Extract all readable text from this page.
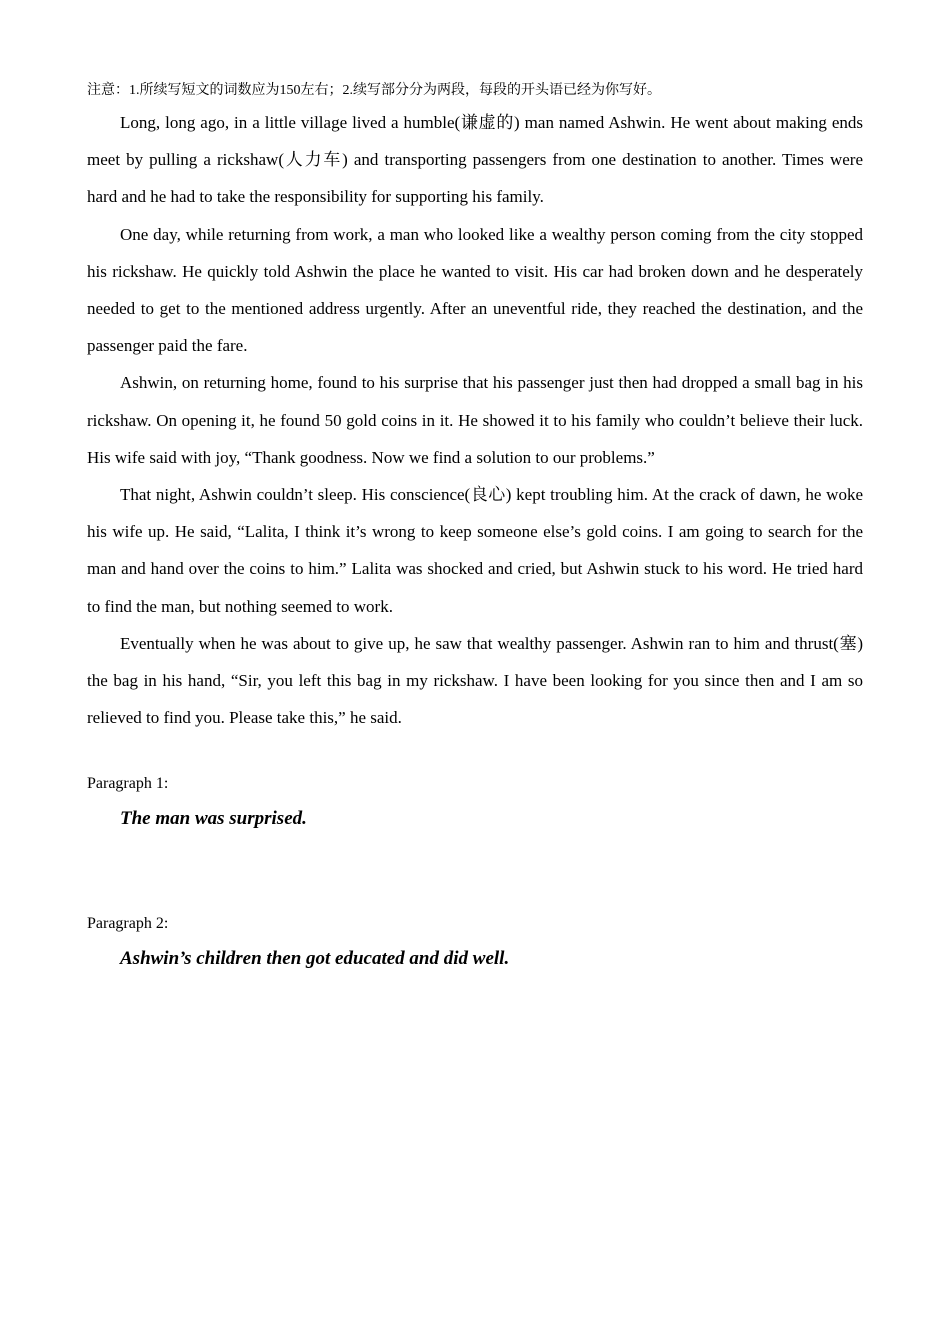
注意：1.所续写短文的词数应为150左右；2.续写部分分为两段，每段的开头语已经为你写好。

Long, long ago, in a little village lived a humble(谦虚的) man named Ashwin. He went about making ends meet by pulling a rickshaw(人力车) and transporting passengers from one destination to another. Times were hard and he had to take the responsibility for supporting his family.

One day, while returning from work, a man who looked like a wealthy person coming from the city stopped his rickshaw. He quickly told Ashwin the place he wanted to visit. His car had broken down and he desperately needed to get to the mentioned address urgently. After an uneventful ride, they reached the destination, and the passenger paid the fare.

Ashwin, on returning home, found to his surprise that his passenger just then had dropped a small bag in his rickshaw. On opening it, he found 50 gold coins in it. He showed it to his family who couldn’t believe their luck. His wife said with joy, “Thank goodness. Now we find a solution to our problems.”

That night, Ashwin couldn’t sleep. His conscience(良心) kept troubling him. At the crack of dawn, he woke his wife up. He said, “Lalita, I think it’s wrong to keep someone else’s gold coins. I am going to search for the man and hand over the coins to him.” Lalita was shocked and cried, but Ashwin stuck to his word. He tried hard to find the man, but nothing seemed to work.

Eventually when he was about to give up, he saw that wealthy passenger. Ashwin ran to him and thrust(塞) the bag in his hand, “Sir, you left this bag in my rickshaw. I have been looking for you since then and I am so relieved to find you. Please take this,” he said.

Paragraph 1:

The man was surprised.

Paragraph 2:

Ashwin’s children then got educated and did well.
